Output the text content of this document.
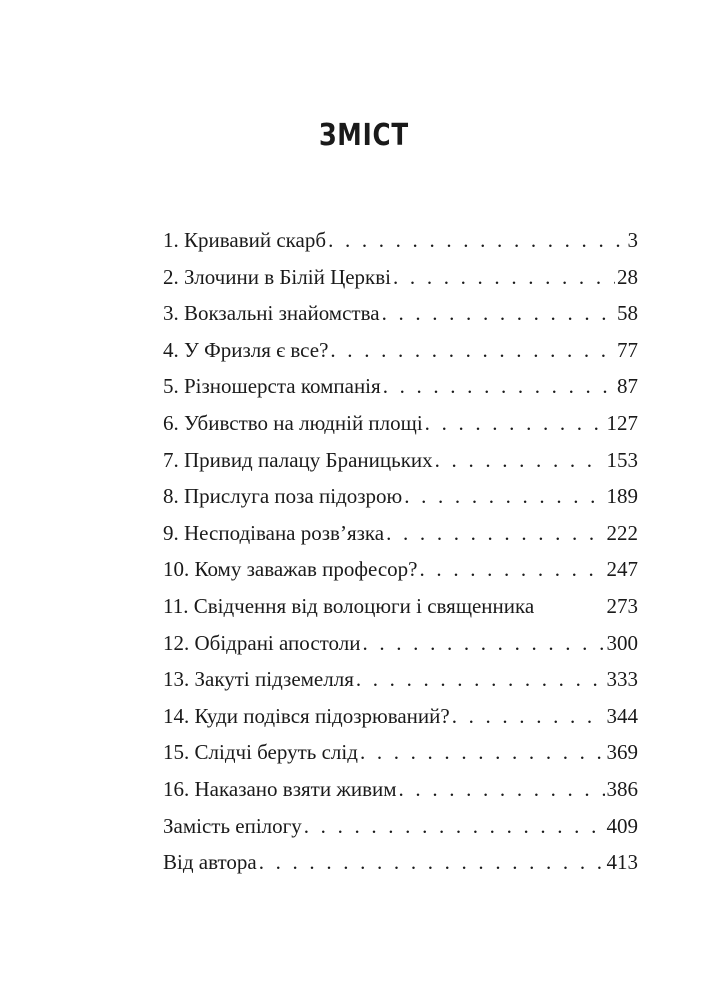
ЗМІСТ
1. Кривавий скарб . . .	3
2. Злочини в Білій Церкві . . .	28
3. Вокзальні знайомства . . .	58
4. У Фризля є все? . . .	77
5. Різношерста компанія . . .	87
6. Убивство на людній площі . . .	127
7. Привид палацу Браницьких . . .	153
8. Прислуга поза підозрою . . .	189
9. Несподівана розв’язка . . .	222
10. Кому заважав професор? . . .	247
11. Свідчення від волоцюги і священника	273
12. Обідрані апостоли . . .	300
13. Закуті підземелля . . .	333
14. Куди подівся підозрюваний? . . .	344
15. Слідчі беруть слід . . .	369
16. Наказано взяти живим . . .	386
Замість епілогу . . .	409
Від автора . . .	413
